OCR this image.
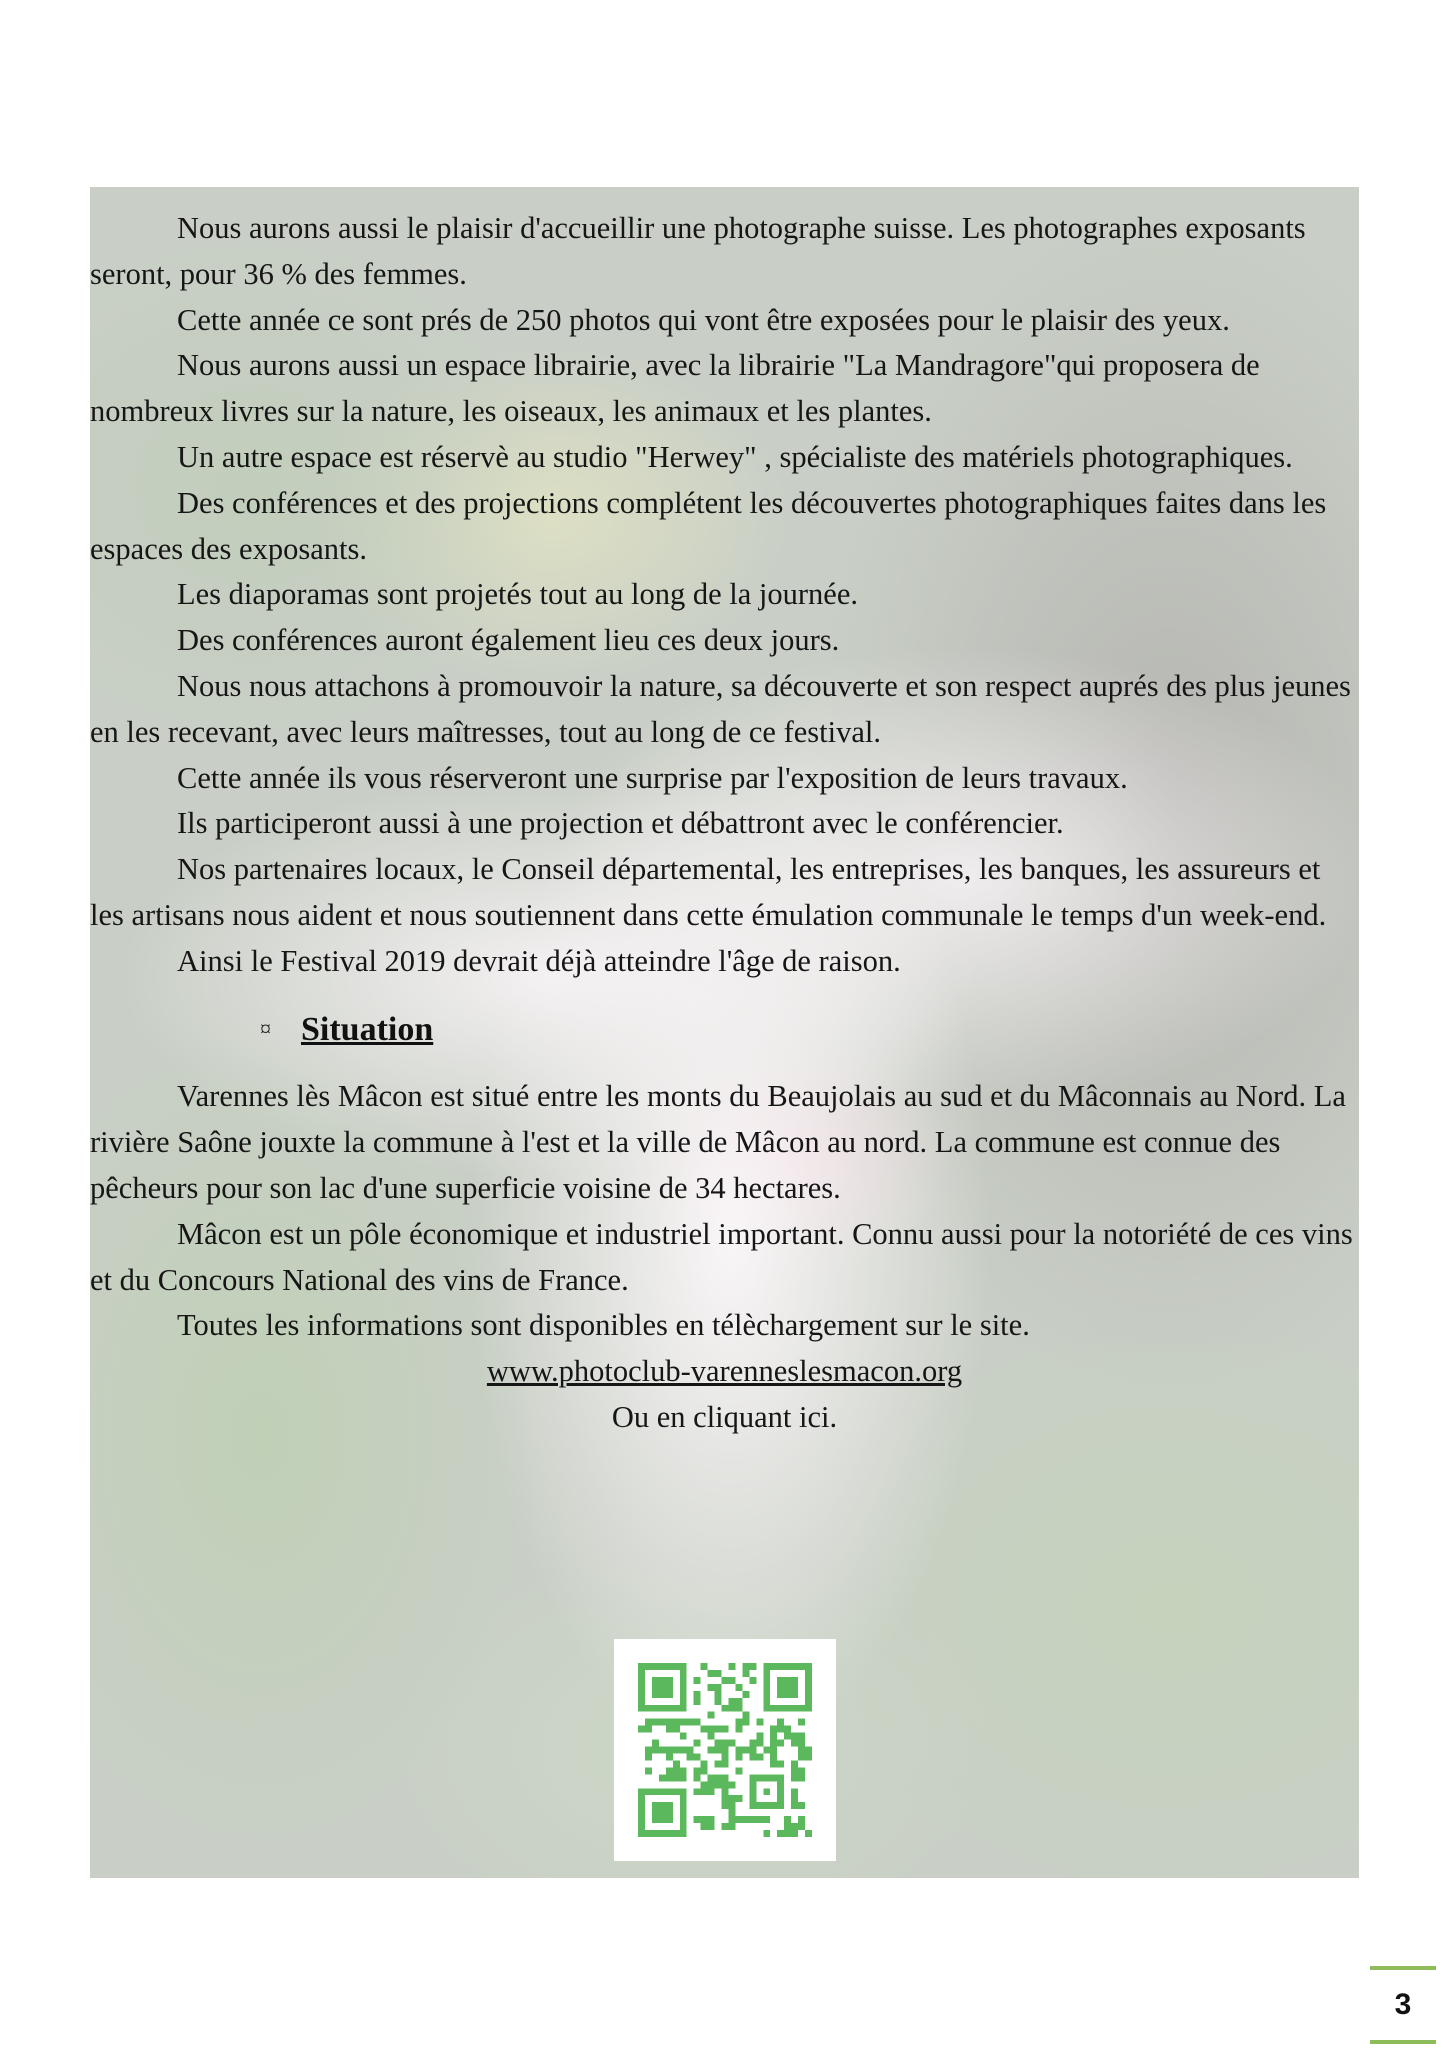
Nous aurons aussi le plaisir d'accueillir une photographe suisse. Les photographes exposants seront, pour 36 % des femmes.

Cette année ce sont prés de 250 photos qui vont être exposées pour le plaisir des yeux.

Nous aurons aussi un espace librairie, avec la librairie "La Mandragore"qui proposera de nombreux livres sur la nature, les oiseaux, les animaux et les plantes.

Un autre espace est réservè au studio "Herwey" , spécialiste des matériels photographiques.

Des conférences et des projections complétent les découvertes photographiques faites dans les espaces des exposants.

Les diaporamas sont projetés tout au long de la journée.

Des conférences auront également lieu ces deux jours.

Nous nous attachons à promouvoir la nature, sa découverte et son respect auprés des plus jeunes en les recevant, avec leurs maîtresses, tout au long de ce festival.

Cette année ils vous réserveront une surprise par l'exposition de leurs travaux.

Ils participeront aussi à une projection et débattront avec le conférencier.

Nos partenaires locaux, le Conseil départemental, les entreprises, les banques, les assureurs et les artisans nous aident et nous soutiennent dans cette émulation communale le temps d'un week-end.

Ainsi le Festival 2019 devrait déjà atteindre l'âge de raison.

¤ Situation

Varennes lès Mâcon est situé entre les monts du Beaujolais au sud et du Mâconnais au Nord. La rivière Saône jouxte la commune à l'est et la ville de Mâcon au nord. La commune est connue des pêcheurs pour son lac d'une superficie voisine de 34 hectares.

Mâcon est un pôle économique et industriel important. Connu aussi pour la notoriété de ces vins et du Concours National des vins de France.

Toutes les informations sont disponibles en télèchargement sur le site.

www.photoclub-varenneslesmacon.org

Ou en cliquant ici.

3
